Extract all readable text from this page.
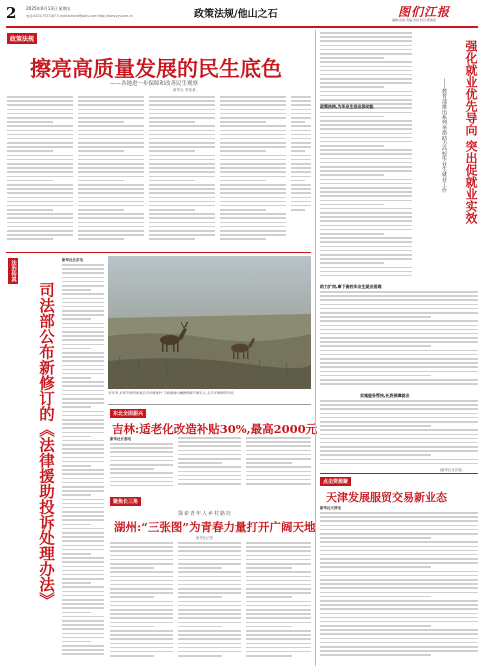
2 2025年6月13日 星期五
电话:0433-7537187 E-mail:ssmzrb@sohu.com http://www.yyy.com.cn	政策法规/他山之石	图们江报
编辑:张丽 责编:金岩 校对:郭俊星
政策法规
擦亮高质量发展的民生底色
——各地进一步保障和改善民生观察
新华社 李某某
法治传真
司法部公布新修订的《法律援助投诉处理办法》
新华社北京电
近年来,长春市持续加强生态环境保护,当地湿地内麋鹿种群不断壮大,生态环境持续向好。
东北全面振兴
吉林:适老化改造补贴30%,最高2000元
新华社长春电
聚焦长三角
探索青年人乡村路径
湖州:“三张图”为青春力量打开广阔天地
新华社记者
强化就业优先导向 突出促就业实效
——教育部推出系列举措助力高校毕业生就业工作
政策扶持,为毕业生创业添动能
助力扩岗,拿下高校毕业生就业困难
实施服务帮扶,托底保障就业
(新华社北京电)
点击资源聚
天津发展服贸交易新业态
新华社天津电
